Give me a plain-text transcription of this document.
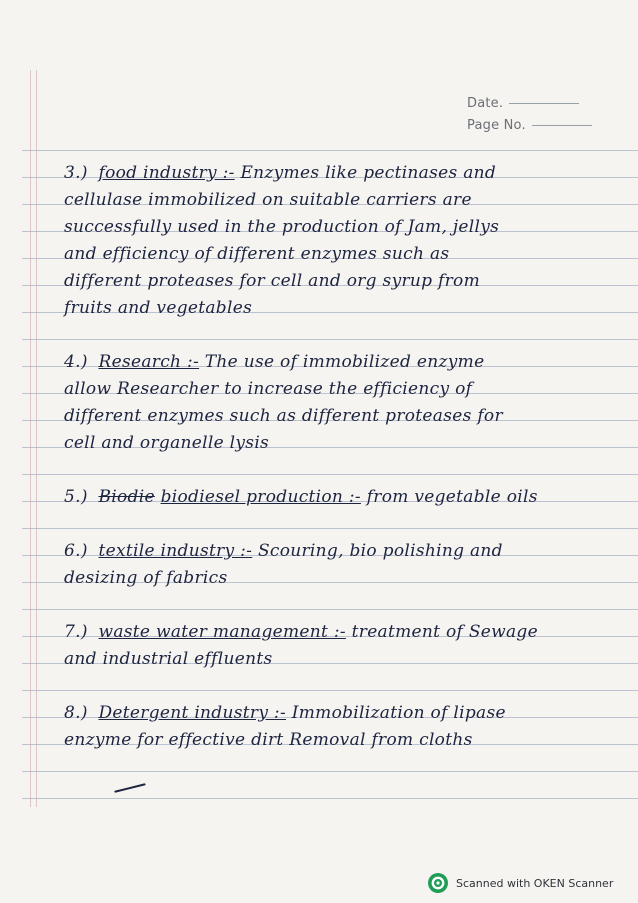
Date.
Page No.
3.) food industry :- Enzymes like pectinases and
cellulase immobilized on suitable carriers are
successfully used in the production of Jam, jellys
and efficiency of different enzymes such as
different proteases for cell and org syrup from
fruits and vegetables
4.) Research :- The use of immobilized enzyme
allow Researcher to increase the efficiency of
different enzymes such as different proteases for
cell and organelle lysis
5.) Biodie biodiesel production :- from vegetable oils
6.) textile industry :- Scouring, bio polishing and
desizing of fabrics
7.) waste water management :- treatment of Sewage
and industrial effluents
8.) Detergent industry :- Immobilization of lipase
enzyme for effective dirt Removal from cloths
Scanned with OKEN Scanner
